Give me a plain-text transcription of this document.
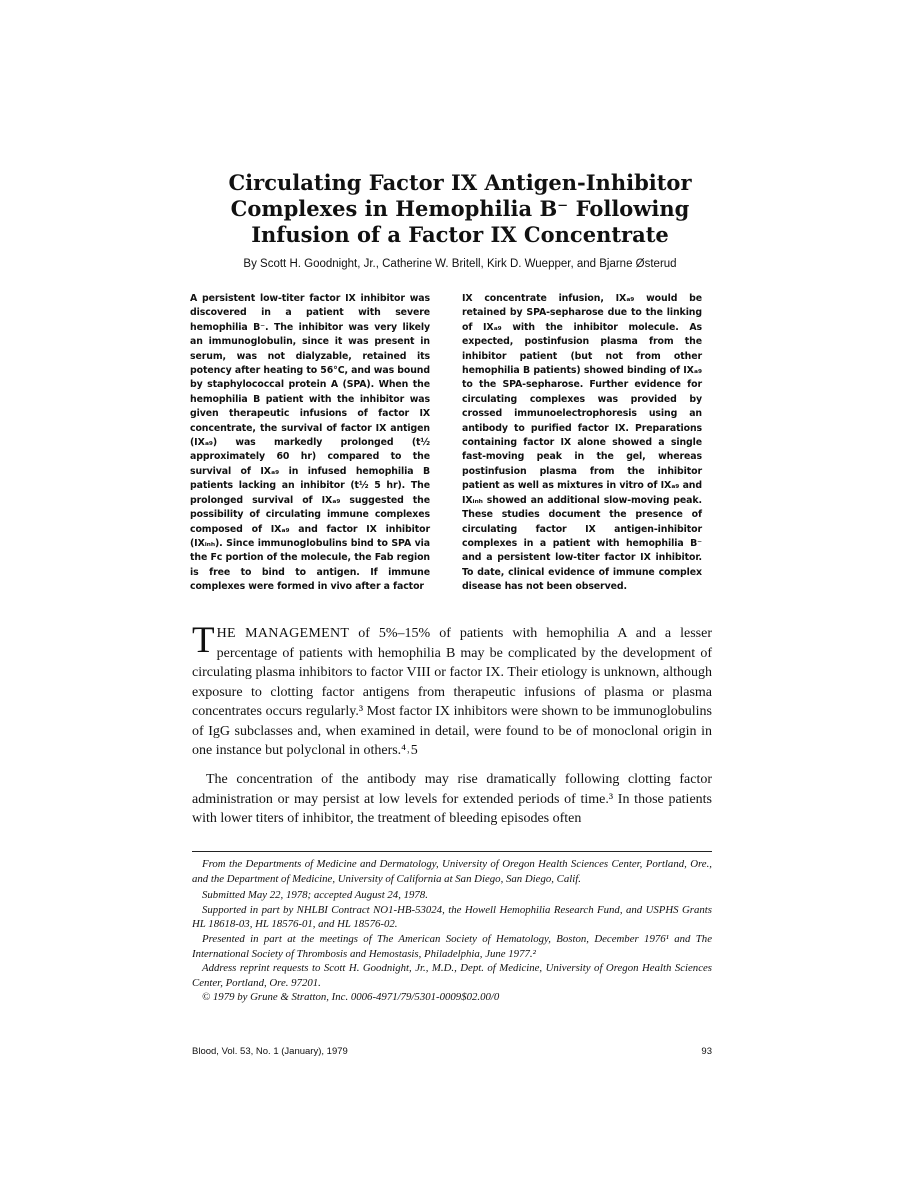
Circulating Factor IX Antigen-Inhibitor
Complexes in Hemophilia B⁻ Following
Infusion of a Factor IX Concentrate

By Scott H. Goodnight, Jr., Catherine W. Britell, Kirk D. Wuepper, and Bjarne Østerud

A persistent low-titer factor IX inhibitor was discovered in a patient with severe hemophilia B⁻. The inhibitor was very likely an immunoglobulin, since it was present in serum, was not dialyzable, retained its potency after heating to 56°C, and was bound by staphylococcal protein A (SPA). When the hemophilia B patient with the inhibitor was given therapeutic infusions of factor IX concentrate, the survival of factor IX antigen (IXₐ₉) was markedly prolonged (t½ approximately 60 hr) compared to the survival of IXₐ₉ in infused hemophilia B patients lacking an inhibitor (t½ 5 hr). The prolonged survival of IXₐ₉ suggested the possibility of circulating immune complexes composed of IXₐ₉ and factor IX inhibitor (IXᵢₙₕ). Since immunoglobulins bind to SPA via the Fc portion of the molecule, the Fab region is free to bind to antigen. If immune complexes were formed in vivo after a factor

IX concentrate infusion, IXₐ₉ would be retained by SPA-sepharose due to the linking of IXₐ₉ with the inhibitor molecule. As expected, postinfusion plasma from the inhibitor patient (but not from other hemophilia B patients) showed binding of IXₐ₉ to the SPA-sepharose. Further evidence for circulating complexes was provided by crossed immunoelectrophoresis using an antibody to purified factor IX. Preparations containing factor IX alone showed a single fast-moving peak in the gel, whereas postinfusion plasma from the inhibitor patient as well as mixtures in vitro of IXₐ₉ and IXᵢₙₕ showed an additional slow-moving peak. These studies document the presence of circulating factor IX antigen-inhibitor complexes in a patient with hemophilia B⁻ and a persistent low-titer factor IX inhibitor. To date, clinical evidence of immune complex disease has not been observed.

THE MANAGEMENT of 5%–15% of patients with hemophilia A and a lesser percentage of patients with hemophilia B may be complicated by the development of circulating plasma inhibitors to factor VIII or factor IX. Their etiology is unknown, although exposure to clotting factor antigens from therapeutic infusions of plasma or plasma concentrates occurs regularly.³ Most factor IX inhibitors were shown to be immunoglobulins of IgG subclasses and, when examined in detail, were found to be of monoclonal origin in one instance but polyclonal in others.⁴˒5

The concentration of the antibody may rise dramatically following clotting factor administration or may persist at low levels for extended periods of time.³ In those patients with lower titers of inhibitor, the treatment of bleeding episodes often

From the Departments of Medicine and Dermatology, University of Oregon Health Sciences Center, Portland, Ore., and the Department of Medicine, University of California at San Diego, San Diego, Calif.

Submitted May 22, 1978; accepted August 24, 1978.

Supported in part by NHLBI Contract NO1-HB-53024, the Howell Hemophilia Research Fund, and USPHS Grants HL 18618-03, HL 18576-01, and HL 18576-02.

Presented in part at the meetings of The American Society of Hematology, Boston, December 1976¹ and The International Society of Thrombosis and Hemostasis, Philadelphia, June 1977.²

Address reprint requests to Scott H. Goodnight, Jr., M.D., Dept. of Medicine, University of Oregon Health Sciences Center, Portland, Ore. 97201.

© 1979 by Grune & Stratton, Inc. 0006-4971/79/5301-0009$02.00/0

Blood, Vol. 53, No. 1 (January), 1979	93
